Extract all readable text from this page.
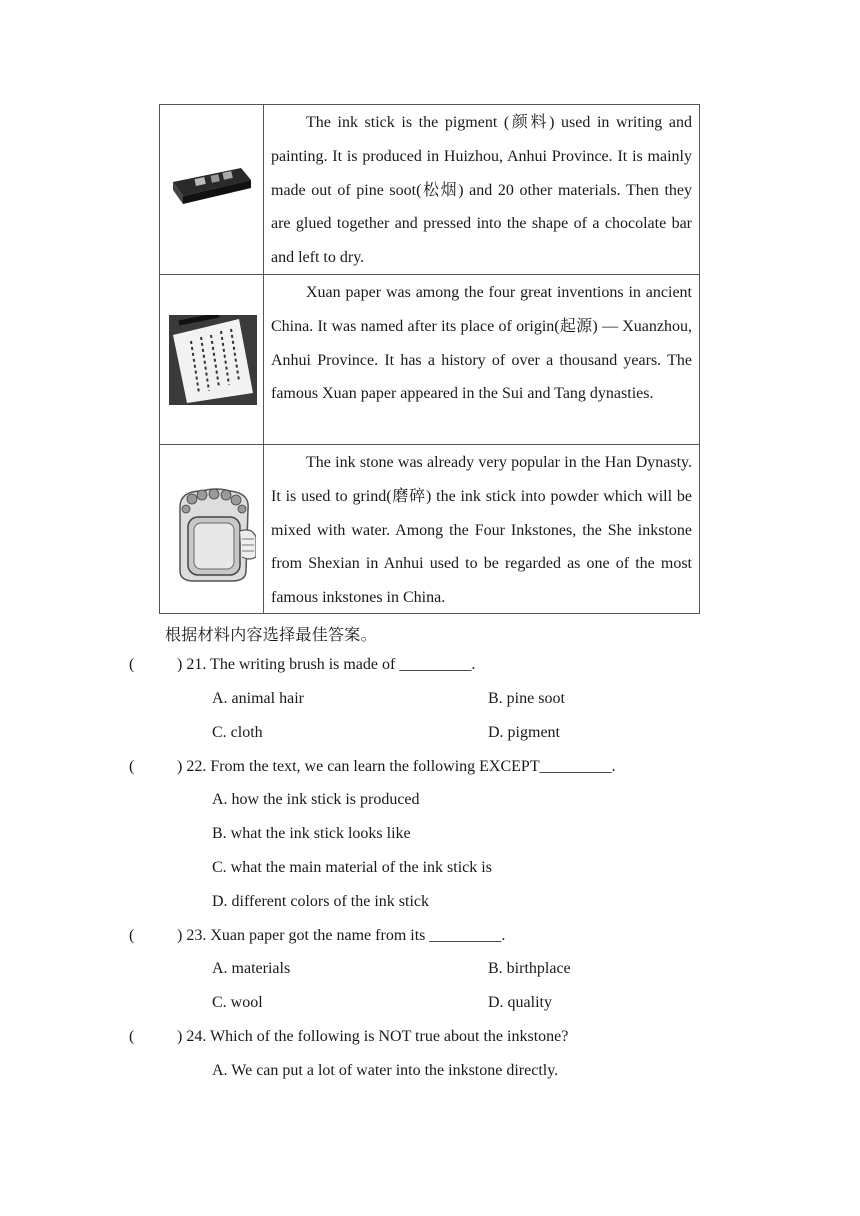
The ink stick is the pigment (颜料) used in writing and painting. It is produced in Huizhou, Anhui Province. It is mainly made out of pine soot(松烟) and 20 other materials. Then they are glued together and pressed into the shape of a chocolate bar and left to dry.

Xuan paper was among the four great inventions in ancient China. It was named after its place of origin(起源) — Xuanzhou, Anhui Province. It has a history of over a thousand years. The famous Xuan paper appeared in the Sui and Tang dynasties.

The ink stone was already very popular in the Han Dynasty. It is used to grind(磨碎) the ink stick into powder which will be mixed with water. Among the Four Inkstones, the She inkstone from Shexian in Anhui used to be regarded as one of the most famous inkstones in China.

根据材料内容选择最佳答案。
(	) 21. The writing brush is made of _________.
A. animal hair	B. pine soot
C. cloth	D. pigment
(	) 22. From the text, we can learn the following EXCEPT_________.
A. how the ink stick is produced
B. what the ink stick looks like
C. what the main material of the ink stick is
D. different colors of the ink stick
(	) 23. Xuan paper got the name from its _________.
A. materials	B. birthplace
C. wool	D. quality
(	) 24. Which of the following is NOT true about the inkstone?
A. We can put a lot of water into the inkstone directly.
